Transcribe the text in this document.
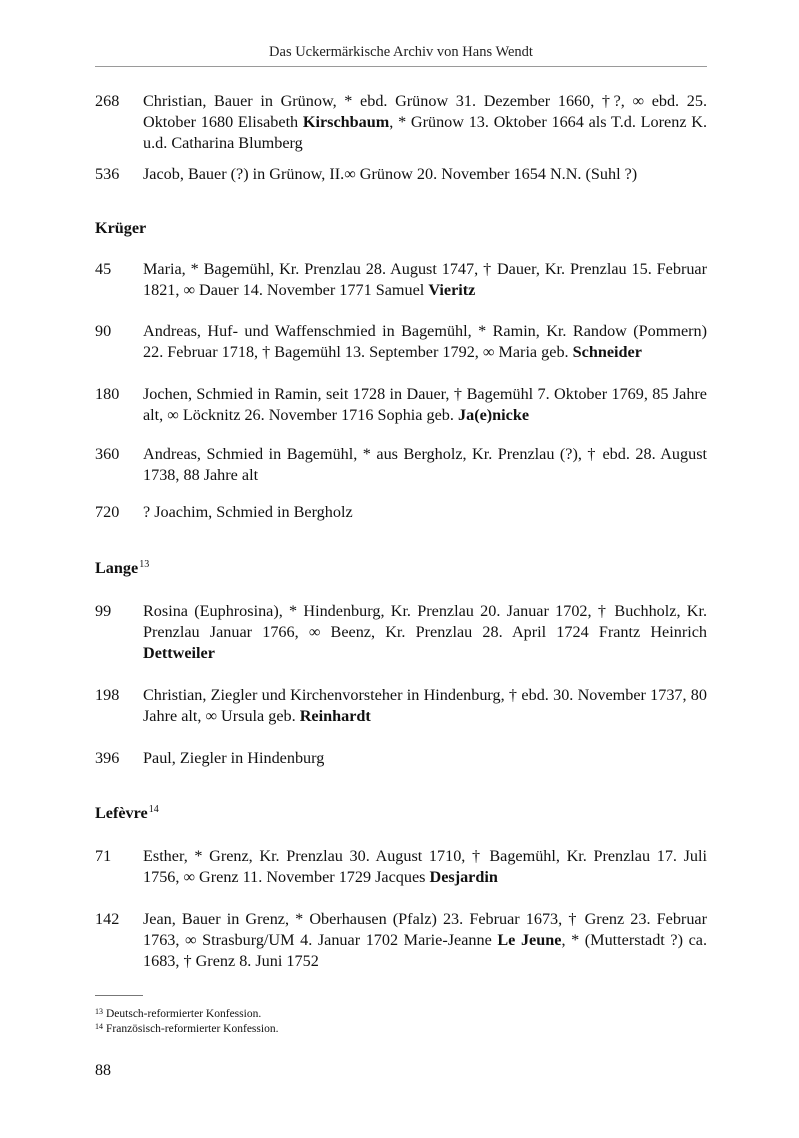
Das Uckermärkische Archiv von Hans Wendt
268 Christian, Bauer in Grünow, * ebd. Grünow 31. Dezember 1660, †?, ∞ ebd. 25. Oktober 1680 Elisabeth Kirschbaum, * Grünow 13. Oktober 1664 als T.d. Lorenz K. u.d. Catharina Blumberg
536 Jacob, Bauer (?) in Grünow, II.∞ Grünow 20. November 1654 N.N. (Suhl ?)
Krüger
45 Maria, * Bagemühl, Kr. Prenzlau 28. August 1747, † Dauer, Kr. Prenzlau 15. Februar 1821, ∞ Dauer 14. November 1771 Samuel Vieritz
90 Andreas, Huf- und Waffenschmied in Bagemühl, * Ramin, Kr. Randow (Pommern) 22. Februar 1718, † Bagemühl 13. September 1792, ∞ Maria geb. Schneider
180 Jochen, Schmied in Ramin, seit 1728 in Dauer, † Bagemühl 7. Oktober 1769, 85 Jahre alt, ∞ Löcknitz 26. November 1716 Sophia geb. Ja(e)nicke
360 Andreas, Schmied in Bagemühl, * aus Bergholz, Kr. Prenzlau (?), † ebd. 28. August 1738, 88 Jahre alt
720 ? Joachim, Schmied in Bergholz
Lange$^{13}$
99 Rosina (Euphrosina), * Hindenburg, Kr. Prenzlau 20. Januar 1702, † Buchholz, Kr. Prenzlau Januar 1766, ∞ Beenz, Kr. Prenzlau 28. April 1724 Frantz Heinrich Dettweiler
198 Christian, Ziegler und Kirchenvorsteher in Hindenburg, † ebd. 30. November 1737, 80 Jahre alt, ∞ Ursula geb. Reinhardt
396 Paul, Ziegler in Hindenburg
Lefèvre$^{14}$
71 Esther, * Grenz, Kr. Prenzlau 30. August 1710, † Bagemühl, Kr. Prenzlau 17. Juli 1756, ∞ Grenz 11. November 1729 Jacques Desjardin
142 Jean, Bauer in Grenz, * Oberhausen (Pfalz) 23. Februar 1673, † Grenz 23. Februar 1763, ∞ Strasburg/UM 4. Januar 1702 Marie-Jeanne Le Jeune, * (Mutterstadt ?) ca. 1683, † Grenz 8. Juni 1752
$^{13}$ Deutsch-reformierter Konfession.
$^{14}$ Französisch-reformierter Konfession.
88
